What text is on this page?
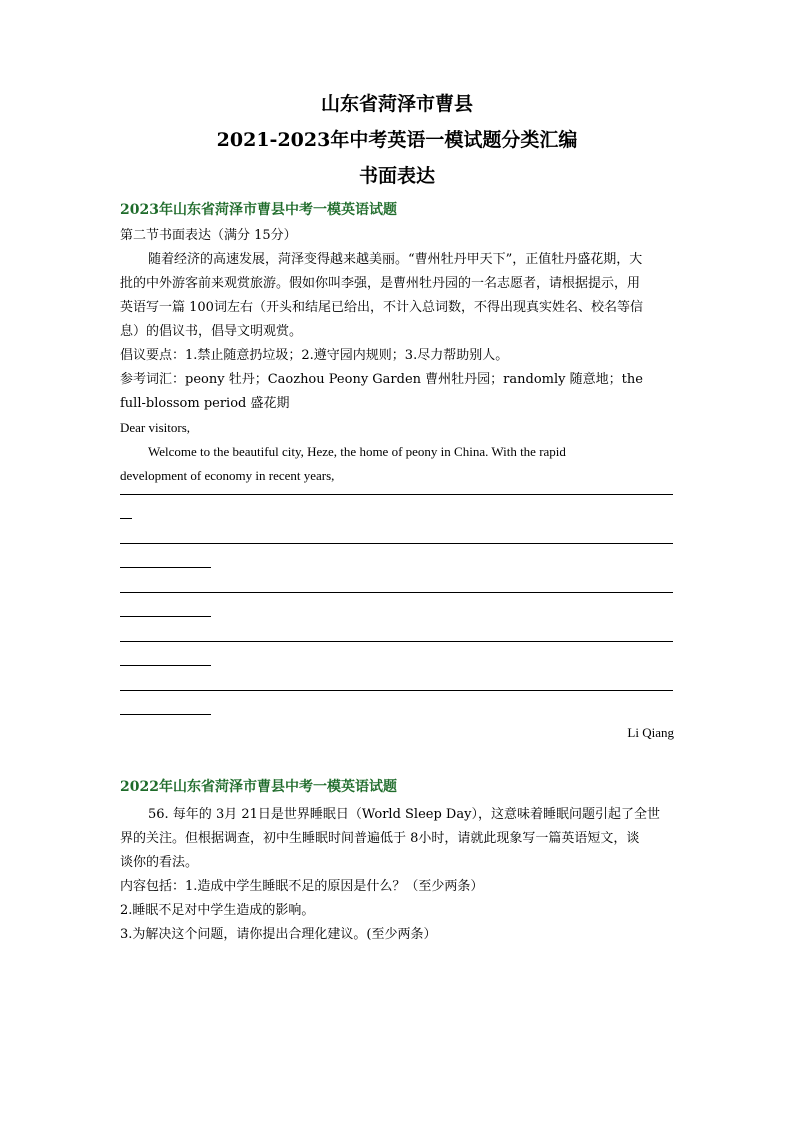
山东省菏泽市曹县

2021-2023年中考英语一模试题分类汇编

书面表达

2023年山东省菏泽市曹县中考一模英语试题

第二节书面表达（满分 15分）

随着经济的高速发展，菏泽变得越来越美丽。“曹州牡丹甲天下”，正值牡丹盛花期，大

批的中外游客前来观赏旅游。假如你叫李强，是曹州牡丹园的一名志愿者，请根据提示，用

英语写一篇 100词左右（开头和结尾已给出，不计入总词数，不得出现真实姓名、校名等信

息）的倡议书，倡导文明观赏。

倡议要点：1.禁止随意扔垃圾；2.遵守园内规则；3.尽力帮助别人。

参考词汇：peony 牡丹；Caozhou Peony Garden 曹州牡丹园；randomly 随意地；the

full-blossom period 盛花期

Dear visitors,

Welcome to the beautiful city, Heze, the home of peony in China. With the rapid

development of economy in recent years,

Li Qiang

2022年山东省菏泽市曹县中考一模英语试题

56. 每年的 3月 21日是世界睡眠日（World Sleep Day），这意味着睡眠问题引起了全世

界的关注。但根据调查，初中生睡眠时间普遍低于 8小时，请就此现象写一篇英语短文，谈

谈你的看法。

内容包括：1.造成中学生睡眠不足的原因是什么？（至少两条）

2.睡眠不足对中学生造成的影响。

3.为解决这个问题，请你提出合理化建议。(至少两条）
